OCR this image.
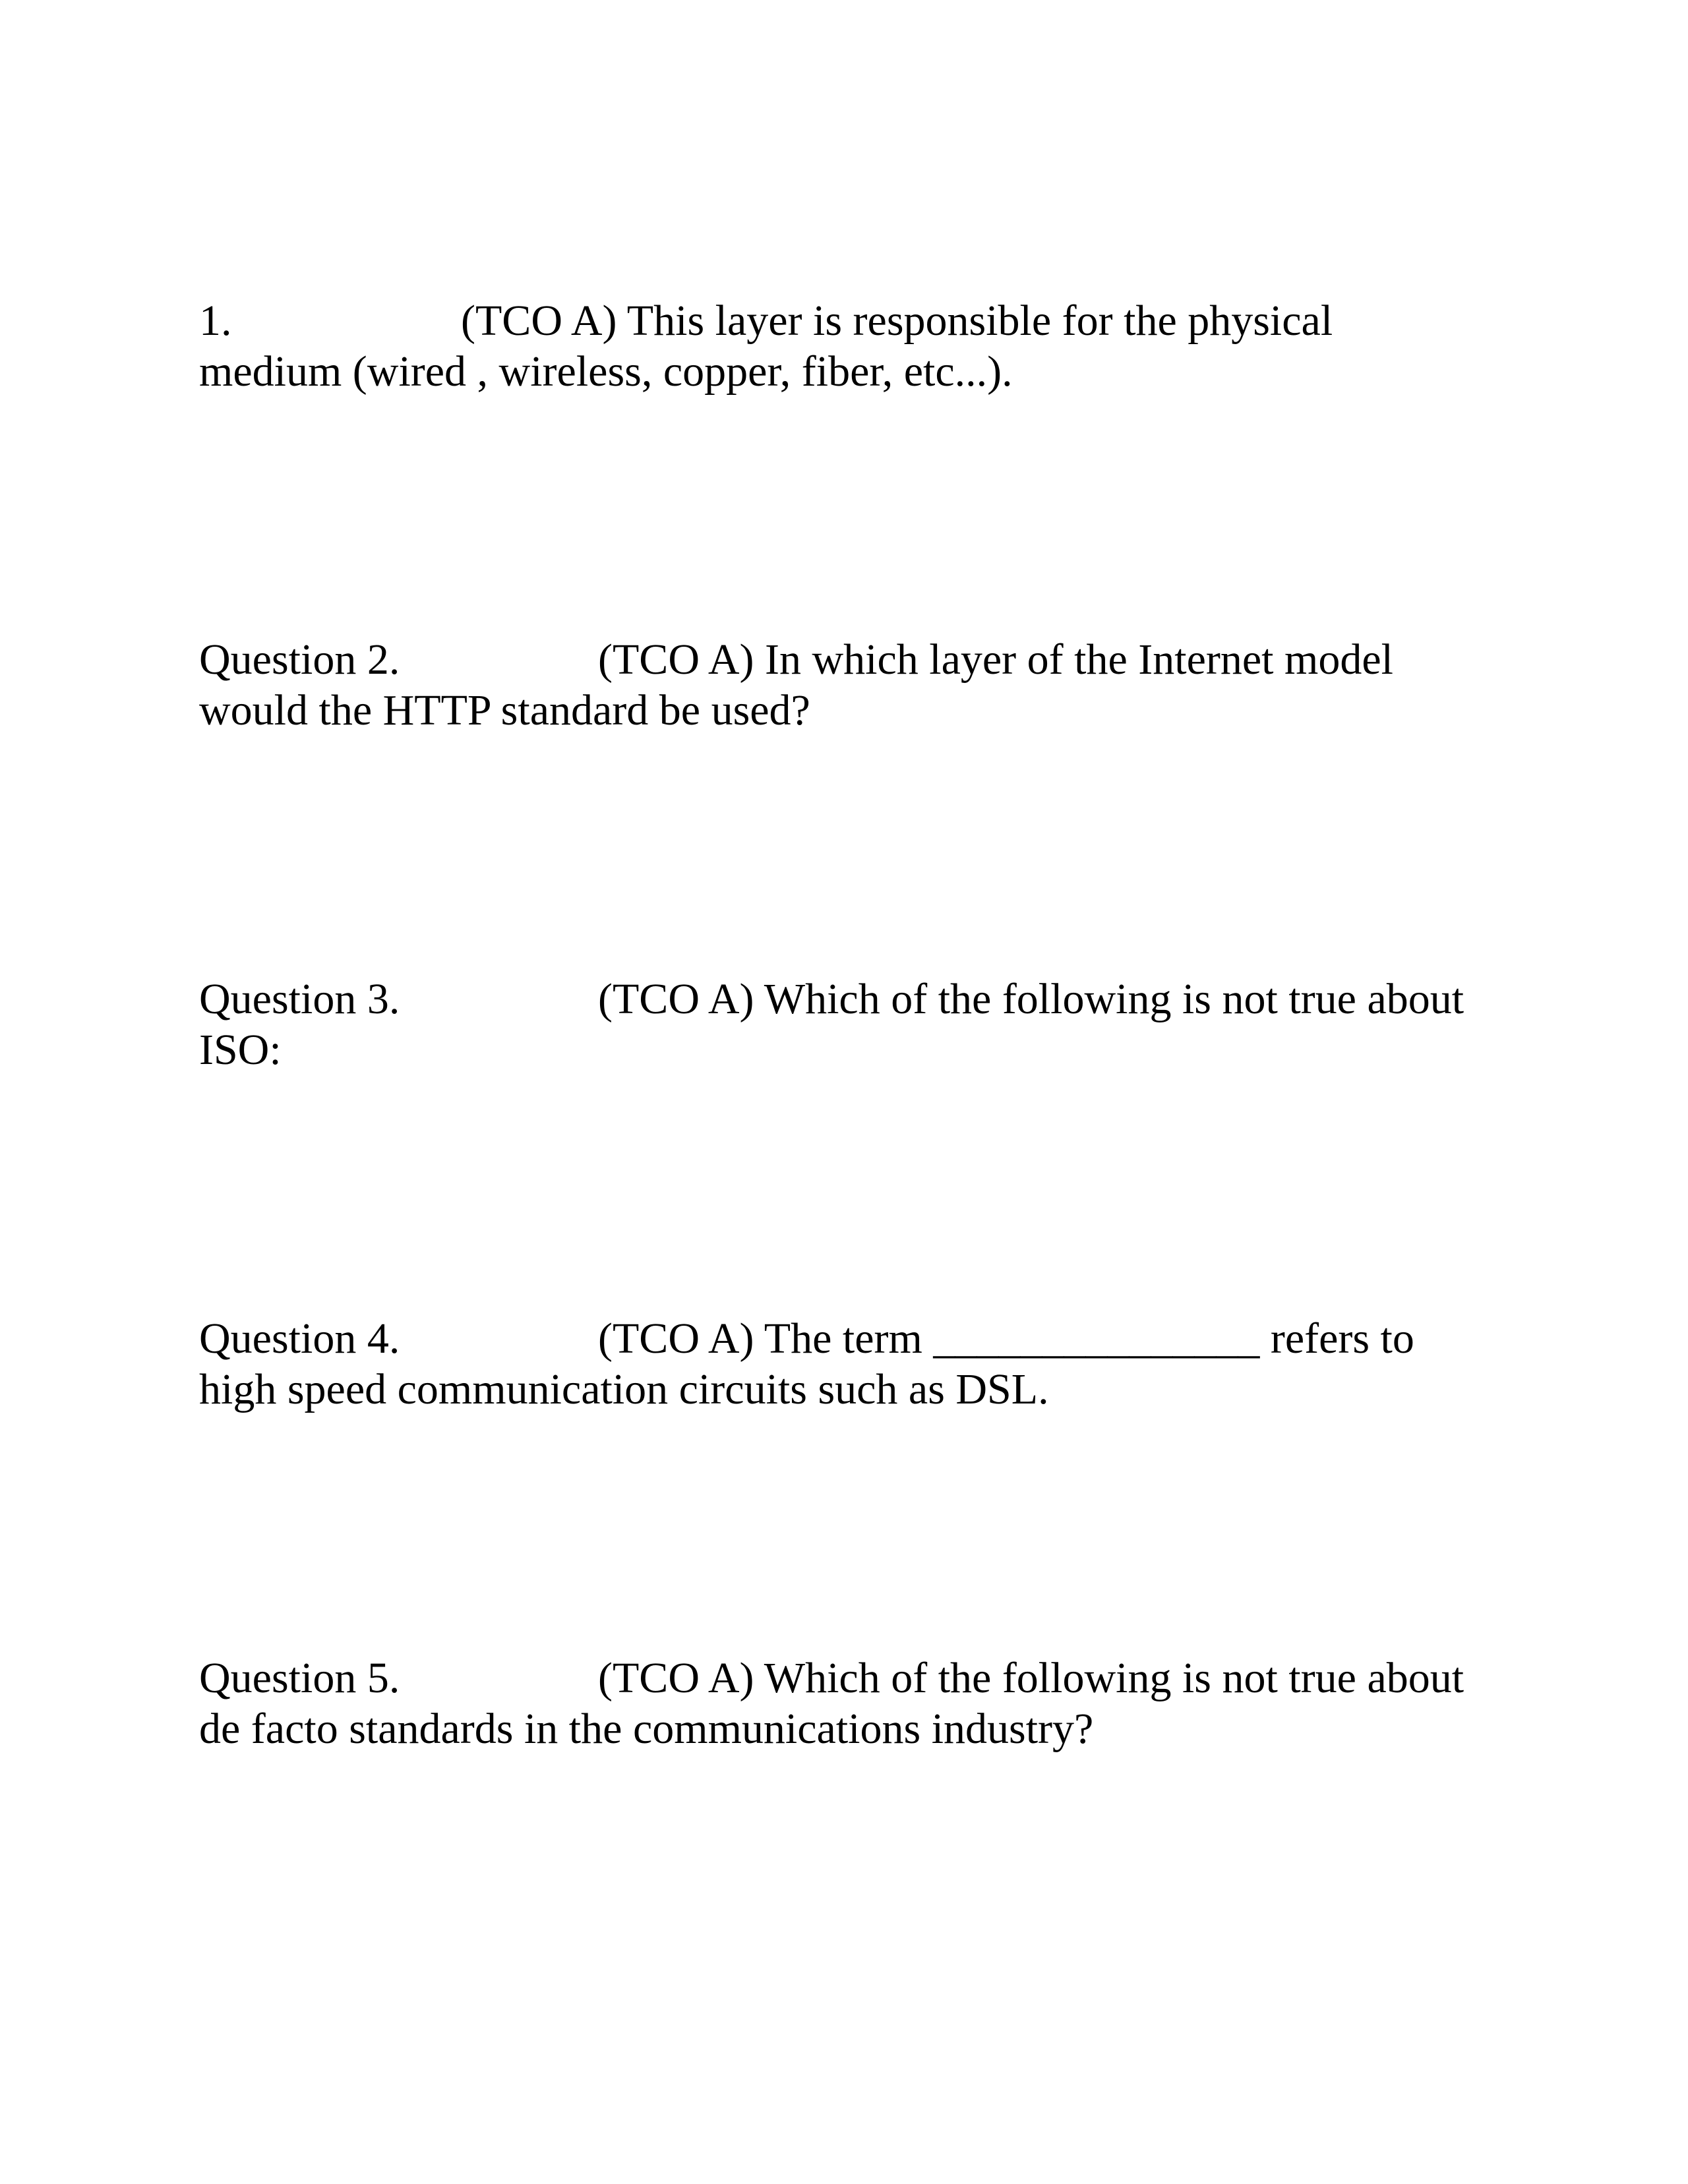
1.	(TCO A) This layer is responsible for the physical
medium (wired , wireless, copper, fiber, etc...).
Question 2.	(TCO A) In which layer of the Internet model
would the HTTP standard be used?
Question 3.	(TCO A) Which of the following is not true about
ISO:
Question 4.	(TCO A) The term _______________ refers to
high speed communication circuits such as DSL.
Question 5.	(TCO A) Which of the following is not true about
de facto standards in the communications industry?
